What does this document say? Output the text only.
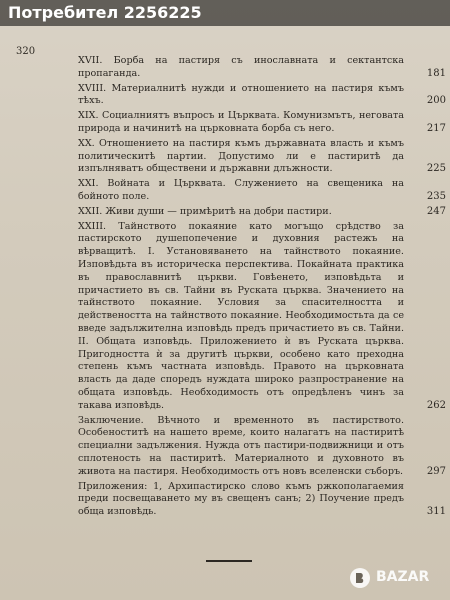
Потребител 2256225
320
XVII. Борба на пастиря съ инославната и сектантска пропаганда.	181
XVIII. Материалнитѣ нужди и отношението на пастиря къмъ тѣхъ.	200
XIX. Социалниятъ въпросъ и Църквата. Комунизмътъ, неговата природа и начинитѣ на църковната борба съ него.	217
XX. Отношението на пастиря къмъ държавната власть и къмъ политическитѣ партии. Допустимо ли е пастиритѣ да изпълняватъ обществени и държавни длъжности.	225
XXI. Войната и Църквата. Служението на свещеника на бойното поле.	235
XXII. Живи души — примѣритѣ на добри пастири.	247
XXIII. Тайнството покаяние като могъщо срѣдство за пастирското душепопечение и духовния растежъ на вѣрващитѣ. I. Установяването на тайнството покаяние. Изповѣдьта въ историческа перспектива. Покайната практика въ православнитѣ църкви. Говѣенето, изповѣдьта и причастието въ св. Тайни въ Руската църква. Значението на тайнството покаяние. Условия за спасителността и действеността на тайнството покаяние. Необходимостьта да се введе задължителна изповѣдь предъ причастието въ св. Тайни. II. Общата изповѣдь. Приложението ѝ въ Руската църква. Пригодността ѝ за другитѣ църкви, особено като преходна степень къмъ частната изповѣдь. Правото на църковната власть да даде споредъ нуждата широко разпространение на общата изповѣдь. Необходимость отъ опредѣленъ чинъ за такава изповѣдь.	262
Заключение. Вѣчното и временното въ пастирството. Особеноститѣ на нашето време, които налагатъ на пастиритѣ специални задължения. Нужда отъ пастири-подвижници и отъ сплотеность на пастиритѣ. Материалното и духовното въ живота на пастиря. Необходимость отъ новъ вселенски съборъ.	297
Приложения: 1, Архипастирско слово къмъ ржкополагаемия преди посвещаването му въ свещенъ санъ; 2) Поучение предъ обща изповѣдь.	311
BAZAR
